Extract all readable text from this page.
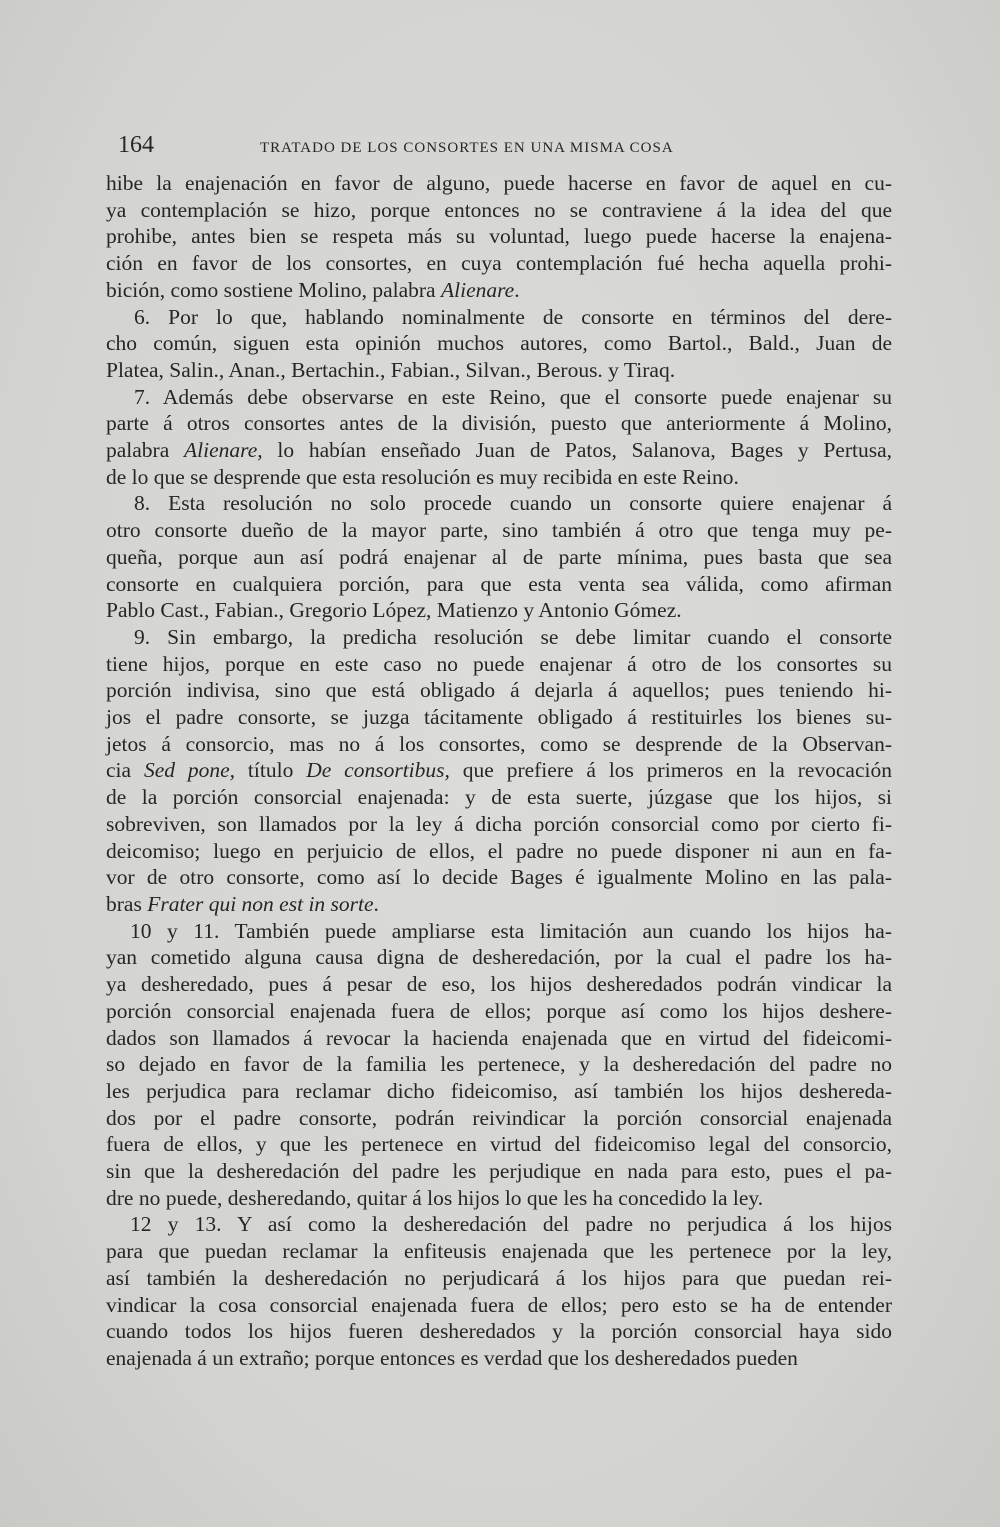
164	TRATADO DE LOS CONSORTES EN UNA MISMA COSA
hibe la enajenación en favor de alguno, puede hacerse en favor de aquel en cu-
ya contemplación se hizo, porque entonces no se contraviene á la idea del que
prohibe, antes bien se respeta más su voluntad, luego puede hacerse la enajena-
ción en favor de los consortes, en cuya contemplación fué hecha aquella prohi-
bición, como sostiene Molino, palabra Alienare.
6. Por lo que, hablando nominalmente de consorte en términos del dere-
cho común, siguen esta opinión muchos autores, como Bartol., Bald., Juan de
Platea, Salin., Anan., Bertachin., Fabian., Silvan., Berous. y Tiraq.
7. Además debe observarse en este Reino, que el consorte puede enajenar su
parte á otros consortes antes de la división, puesto que anteriormente á Molino,
palabra Alienare, lo habían enseñado Juan de Patos, Salanova, Bages y Pertusa,
de lo que se desprende que esta resolución es muy recibida en este Reino.
8. Esta resolución no solo procede cuando un consorte quiere enajenar á
otro consorte dueño de la mayor parte, sino también á otro que tenga muy pe-
queña, porque aun así podrá enajenar al de parte mínima, pues basta que sea
consorte en cualquiera porción, para que esta venta sea válida, como afirman
Pablo Cast., Fabian., Gregorio López, Matienzo y Antonio Gómez.
9. Sin embargo, la predicha resolución se debe limitar cuando el consorte
tiene hijos, porque en este caso no puede enajenar á otro de los consortes su
porción indivisa, sino que está obligado á dejarla á aquellos; pues teniendo hi-
jos el padre consorte, se juzga tácitamente obligado á restituirles los bienes su-
jetos á consorcio, mas no á los consortes, como se desprende de la Observan-
cia Sed pone, título De consortibus, que prefiere á los primeros en la revocación
de la porción consorcial enajenada: y de esta suerte, júzgase que los hijos, si
sobreviven, son llamados por la ley á dicha porción consorcial como por cierto fi-
deicomiso; luego en perjuicio de ellos, el padre no puede disponer ni aun en fa-
vor de otro consorte, como así lo decide Bages é igualmente Molino en las pala-
bras Frater qui non est in sorte.
10 y 11. También puede ampliarse esta limitación aun cuando los hijos ha-
yan cometido alguna causa digna de desheredación, por la cual el padre los ha-
ya desheredado, pues á pesar de eso, los hijos desheredados podrán vindicar la
porción consorcial enajenada fuera de ellos; porque así como los hijos deshere-
dados son llamados á revocar la hacienda enajenada que en virtud del fideicomi-
so dejado en favor de la familia les pertenece, y la desheredación del padre no
les perjudica para reclamar dicho fideicomiso, así también los hijos deshereda-
dos por el padre consorte, podrán reivindicar la porción consorcial enajenada
fuera de ellos, y que les pertenece en virtud del fideicomiso legal del consorcio,
sin que la desheredación del padre les perjudique en nada para esto, pues el pa-
dre no puede, desheredando, quitar á los hijos lo que les ha concedido la ley.
12 y 13. Y así como la desheredación del padre no perjudica á los hijos
para que puedan reclamar la enfiteusis enajenada que les pertenece por la ley,
así también la desheredación no perjudicará á los hijos para que puedan rei-
vindicar la cosa consorcial enajenada fuera de ellos; pero esto se ha de entender
cuando todos los hijos fueren desheredados y la porción consorcial haya sido
enajenada á un extraño; porque entonces es verdad que los desheredados pueden
